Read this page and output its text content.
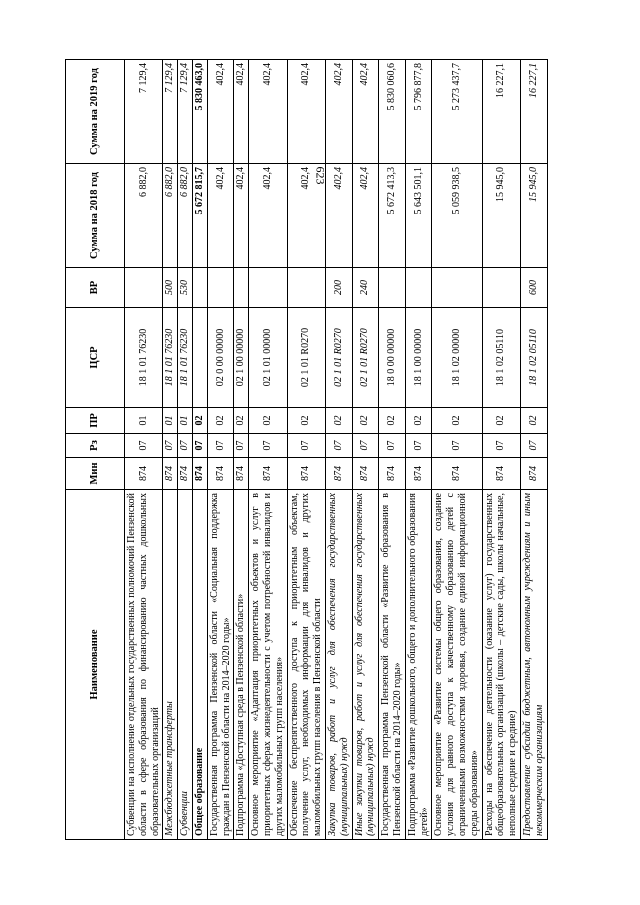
623
Наименование	Мин	Рз	ПР	ЦСР	ВР	Сумма на 2018 год	Сумма на 2019 год
Субвенции на исполнение отдельных государственных полномочий Пензенской области в сфере образования по финансированию частных дошкольных образовательных организаций	874	07	01	18 1 01 76230		6 882,0	7 129,4
Межбюджетные трансферты	874	07	01	18 1 01 76230	500	6 882,0	7 129,4
Субвенции	874	07	01	18 1 01 76230	530	6 882,0	7 129,4
Общее образование	874	07	02			5 672 815,7	5 830 463,0
Государственная программа Пензенской области «Социальная поддержка граждан в Пензенской области на 2014–2020 годы»	874	07	02	02 0 00 00000		402,4	402,4
Подпрограмма «Доступная среда в Пензенской области»	874	07	02	02 1 00 00000		402,4	402,4
Основное мероприятие «Адаптация приоритетных объектов и услуг в приоритетных сферах жизнедеятельности с учетом потребностей инвалидов и других маломобильных групп населения»	874	07	02	02 1 01 00000		402,4	402,4
Обеспечение беспрепятственного доступа к приоритетным объектам, получение услуг, необходимых информации для инвалидов и других маломобильных групп населения в Пензенской области	874	07	02	02 1 01 R0270		402,4	402,4
Закупка товаров, работ и услуг для обеспечения государственных (муниципальных) нужд	874	07	02	02 1 01 R0270	200	402,4	402,4
Иные закупки товаров, работ и услуг для обеспечения государственных (муниципальных) нужд	874	07	02	02 1 01 R0270	240	402,4	402,4
Государственная программа Пензенской области «Развитие образования в Пензенской области на 2014–2020 годы»	874	07	02	18 0 00 00000		5 672 413,3	5 830 060,6
Подпрограмма «Развитие дошкольного, общего и дополнительного образования детей»	874	07	02	18 1 00 00000		5 643 501,1	5 796 877,8
Основное мероприятие «Развитие системы общего образования, создание условия для равного доступа к качественному образованию детей с ограниченными возможностями здоровья, создание единой информационной среды образования»	874	07	02	18 1 02 00000		5 059 938,5	5 273 437,7
Расходы на обеспечение деятельности (оказание услуг) государственных общеобразовательных организаций (школы – детские сады, школы начальные, неполные средние и средние)	874	07	02	18 1 02 05110		15 945,0	16 227,1
Предоставление субсидий бюджетным, автономным учреждениям и иным некоммерческим организациям	874	07	02	18 1 02 05110	600	15 945,0	16 227,1
